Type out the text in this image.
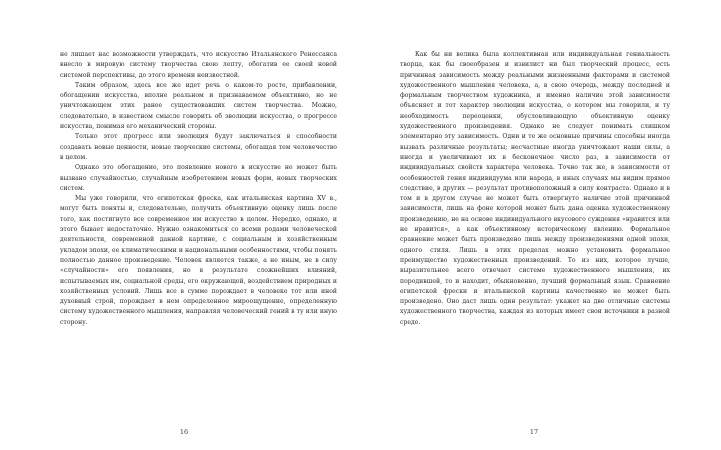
не лишает нас возможности утверждать, что искусство Итальянского Ренессанса внесло в мировую систему творчества свою лепту, обогатив ее своей новой системой перспективы, до этого времени неизвестной.

Таким образом, здесь все же идет речь о каком-то росте, прибавлении, обогащении искусства, вполне реальном и признаваемом объективно, но не уничтожающем этих ранее существовавших систем творчества. Можно, следовательно, в известном смысле говорить об эволюции искусства, о прогрессе искусства, понимая его механический стороны.

Только этот прогресс или эволюция будут заключаться в способности создавать новые ценности, новые творческие системы, обогащая тем человечество в целом.

Однако это обогащение, это появление нового в искусстве не может быть вызвано случайностью, случайным изобретением новых форм, новых творческих систем.

Мы уже говорили, что египетская фреска, как итальянская картина XV в., могут быть поняты и, следовательно, получить объективную оценку лишь после того, как постигнуто все современное им искусство в целом. Нередко, однако, и этого бывает недостаточно. Нужно ознакомиться со всеми родами человеческой деятельности, современной данной картине, с социальным и хозяйственным укладом эпохи, ее климатическими и национальными особенностями, чтобы понять полностью данное произведение. Человек является также, а не иным, не в силу «случайности» его появления, но в результате сложнейших влияний, испытываемых им, социальной среды, его окружающей, воздействием природных и хозяйственных условий. Лишь все в сумме порождает в человеке тот или иной духовный строй, порождает в нем определенное мироощущение, определенную систему художественного мышления, направляя человеческий гений в ту или иную сторону.

16

Как бы ни велика была коллективная или индивидуальная гениальность творца, как бы своеобразен и извилист ни был творческий процесс, есть причинная зависимость между реальными жизненными факторами и системой художественного мышления человека, а, в свою очередь, между последней и формальным творчеством художника, и именно наличие этой зависимости объясняет и тот характер эволюции искусства, о котором мы говорили, и ту необходимость переоценки, обусловливающую объективную оценку художественного произведения. Однако не следует понимать слишком элементарно эту зависимость. Одни и те же основные причины способны иногда вызвать различные результаты; несчастные иногда уничтожают наши силы, а иногда и увеличивают их в бесконечное число раз, в зависимости от индивидуальных свойств характера человека. Точно так же, в зависимости от особенностей гения индивидуума или народа, в иных случаях мы видим прямое следствие, в других — результат противоположный в силу контраста. Однако и в том и в другом случае не может быть отвергнуто наличие этой причинной зависимости, лишь на фоне которой может быть дана оценка художественному произведению, не на основе индивидуального вкусового суждения «нравится или не нравится», а как объективному историческому явлению. Формальное сравнение может быть произведено лишь между произведениями одной эпохи, одного стиля. Лишь в этих пределах можно установить формальное преимущество художественных произведений. То из них, которое лучше, выразительнее всего отвечает системе художественного мышления, их породившей, то и находит, обыкновенно, лучший формальный язык. Сравнение египетской фрески и итальянской картины качественно не может быть произведено. Оно даст лишь один результат: укажет на две отличные системы художественного творчества, каждая из которых имеет свои источники в разной среде.

17
